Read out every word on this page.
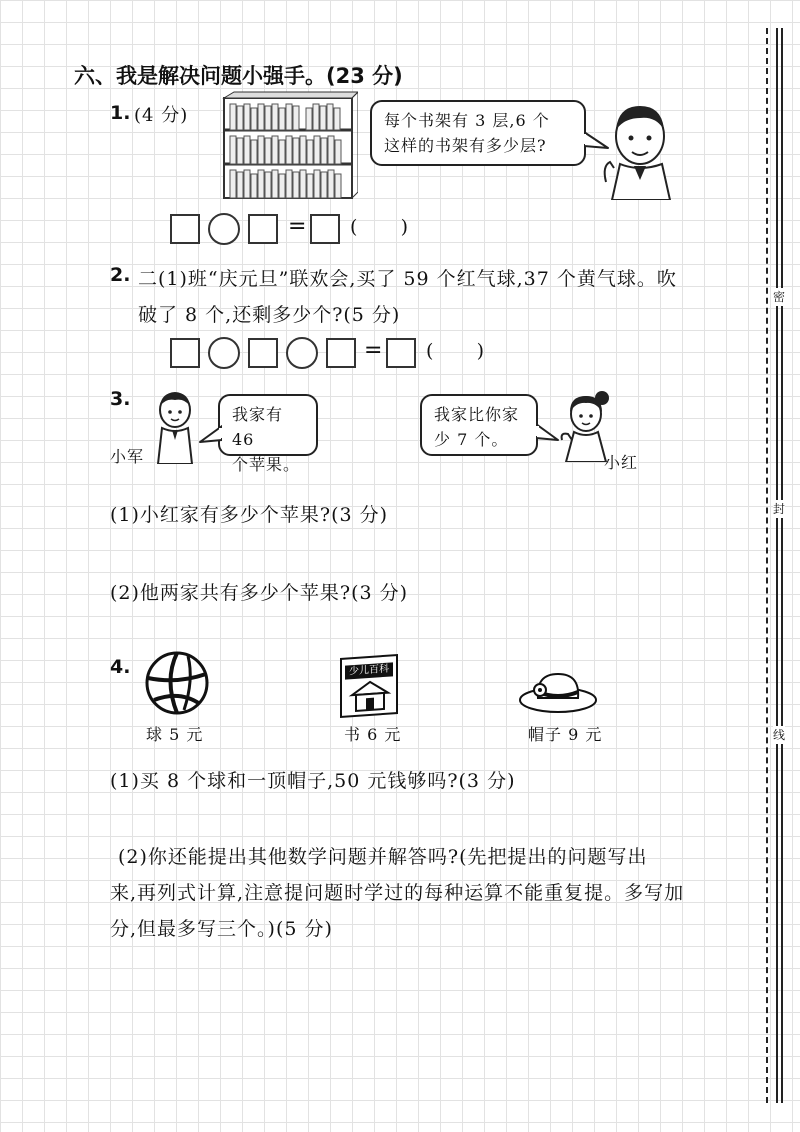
密
封
线
六、我是解决问题小强手。(23 分)
1. (4 分)	每个书架有 3 层,6 个
这样的书架有多少层?
= (      )
2. 二(1)班“庆元旦”联欢会,买了 59 个红气球,37 个黄气球。吹
破了 8 个,还剩多少个?(5 分)
= (      )
3.
小军
我家有 46
个苹果。
我家比你家
少 7 个。
小红
(1)小红家有多少个苹果?(3 分)
(2)他两家共有多少个苹果?(3 分)
4.
球 5 元
少儿百科
书 6 元	帽子 9 元
(1)买 8 个球和一顶帽子,50 元钱够吗?(3 分)
(2)你还能提出其他数学问题并解答吗?(先把提出的问题写出
来,再列式计算,注意提问题时学过的每种运算不能重复提。多写加
分,但最多写三个。)(5 分)
